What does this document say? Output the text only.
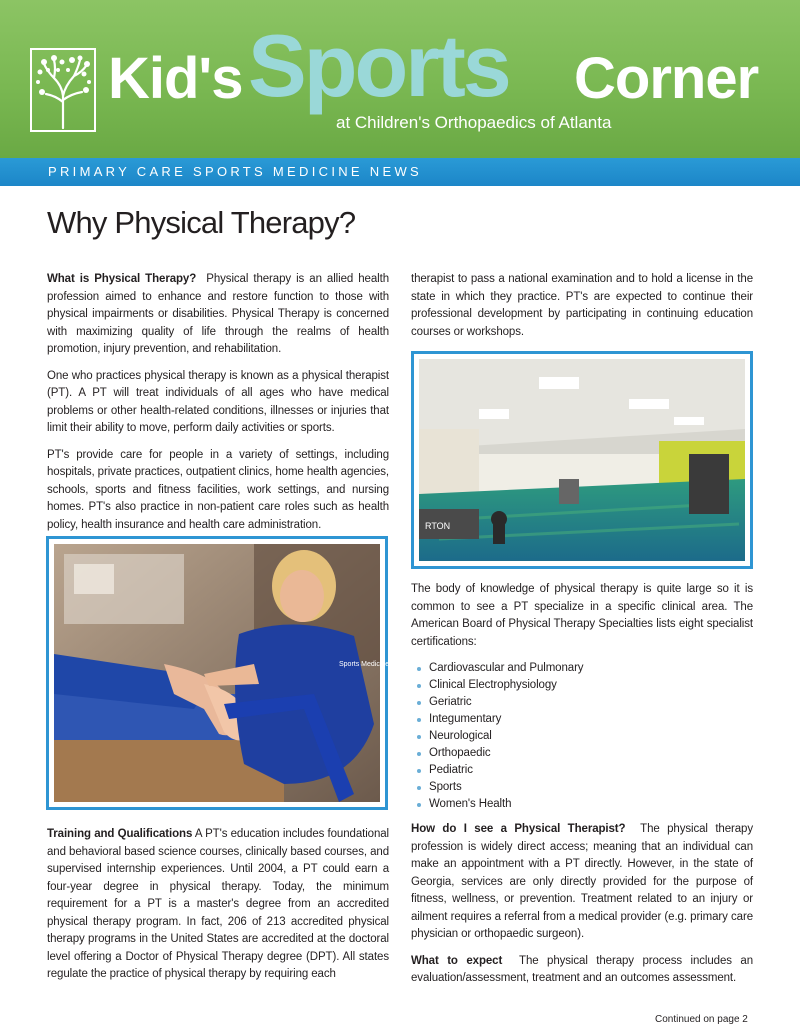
Kid's Sports Corner
at Children's Orthopaedics of Atlanta
PRIMARY CARE SPORTS MEDICINE NEWS
Why Physical Therapy?

What is Physical Therapy? Physical therapy is an allied health profession aimed to enhance and restore function to those with physical impairments or disabilities. Physical Therapy is concerned with maximizing quality of life through the realms of health promotion, injury prevention, and rehabilitation.

One who practices physical therapy is known as a physical therapist (PT). A PT will treat individuals of all ages who have medical problems or other health-related conditions, illnesses or injuries that limit their ability to move, perform daily activities or sports.

PT's provide care for people in a variety of settings, including hospitals, private practices, outpatient clinics, home health agencies, schools, sports and fitness facilities, work settings, and nursing homes. PT's also practice in non-patient care roles such as health policy, health insurance and health care administration.

Sports Medicine

Training and Qualifications A PT's education includes foundational and behavioral based science courses, clinically based courses, and supervised internship experiences. Until 2004, a PT could earn a four-year degree in physical therapy. Today, the minimum requirement for a PT is a master's degree from an accredited physical therapy program. In fact, 206 of 213 accredited physical therapy programs in the United States are accredited at the doctoral level offering a Doctor of Physical Therapy degree (DPT). All states regulate the practice of physical therapy by requiring each

therapist to pass a national examination and to hold a license in the state in which they practice. PT's are expected to continue their professional development by participating in continuing education courses or workshops.

RTON

The body of knowledge of physical therapy is quite large so it is common to see a PT specialize in a specific clinical area. The American Board of Physical Therapy Specialties lists eight specialist certifications:

Cardiovascular and Pulmonary
Clinical Electrophysiology
Geriatric
Integumentary
Neurological
Orthopaedic
Pediatric
Sports
Women's Health

How do I see a Physical Therapist? The physical therapy profession is widely direct access; meaning that an individual can make an appointment with a PT directly. However, in the state of Georgia, services are only directly provided for the purpose of fitness, wellness, or prevention. Treatment related to an injury or ailment requires a referral from a medical provider (e.g. primary care physician or orthopaedic surgeon).

What to expect The physical therapy process includes an evaluation/assessment, treatment and an outcomes assessment.

Continued on page 2
